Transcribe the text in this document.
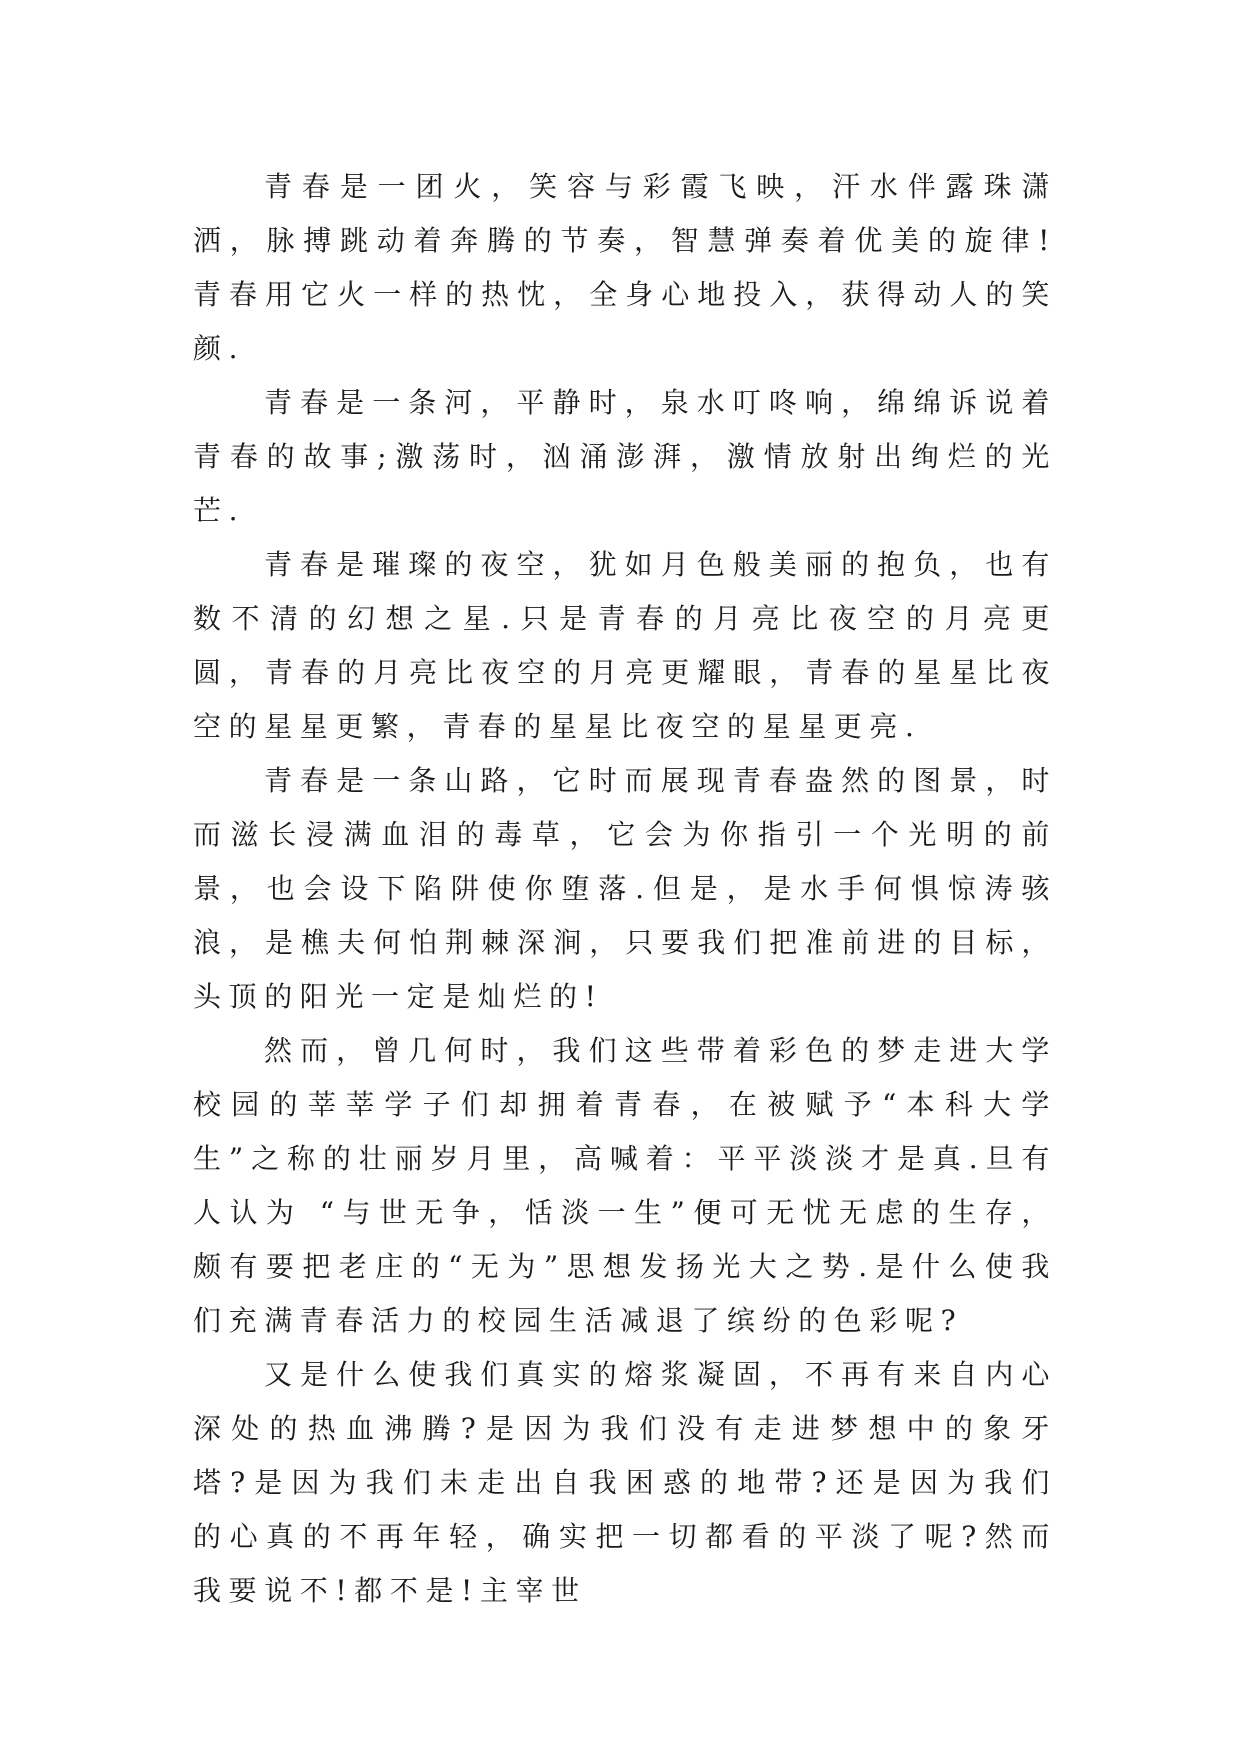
青春是一团火，笑容与彩霞飞映，汗水伴露珠潇洒，脉搏跳动着奔腾的节奏，智慧弹奏着优美的旋律!青春用它火一样的热忱，全身心地投入，获得动人的笑颜.

青春是一条河，平静时，泉水叮咚响，绵绵诉说着青春的故事;激荡时，汹涌澎湃，激情放射出绚烂的光芒.

青春是璀璨的夜空，犹如月色般美丽的抱负，也有数不清的幻想之星.只是青春的月亮比夜空的月亮更圆，青春的月亮比夜空的月亮更耀眼，青春的星星比夜空的星星更繁，青春的星星比夜空的星星更亮.

青春是一条山路，它时而展现青春盎然的图景，时而滋长浸满血泪的毒草，它会为你指引一个光明的前景，也会设下陷阱使你堕落.但是，是水手何惧惊涛骇浪，是樵夫何怕荆棘深涧，只要我们把准前进的目标，头顶的阳光一定是灿烂的!

然而，曾几何时，我们这些带着彩色的梦走进大学校园的莘莘学子们却拥着青春，在被赋予“本科大学生”之称的壮丽岁月里，高喊着：平平淡淡才是真.旦有人认为 “与世无争，恬淡一生”便可无忧无虑的生存，颇有要把老庄的“无为”思想发扬光大之势.是什么使我们充满青春活力的校园生活减退了缤纷的色彩呢?

又是什么使我们真实的熔浆凝固，不再有来自内心深处的热血沸腾?是因为我们没有走进梦想中的象牙塔?是因为我们未走出自我困惑的地带?还是因为我们的心真的不再年轻，确实把一切都看的平淡了呢?然而我要说不!都不是!主宰世
